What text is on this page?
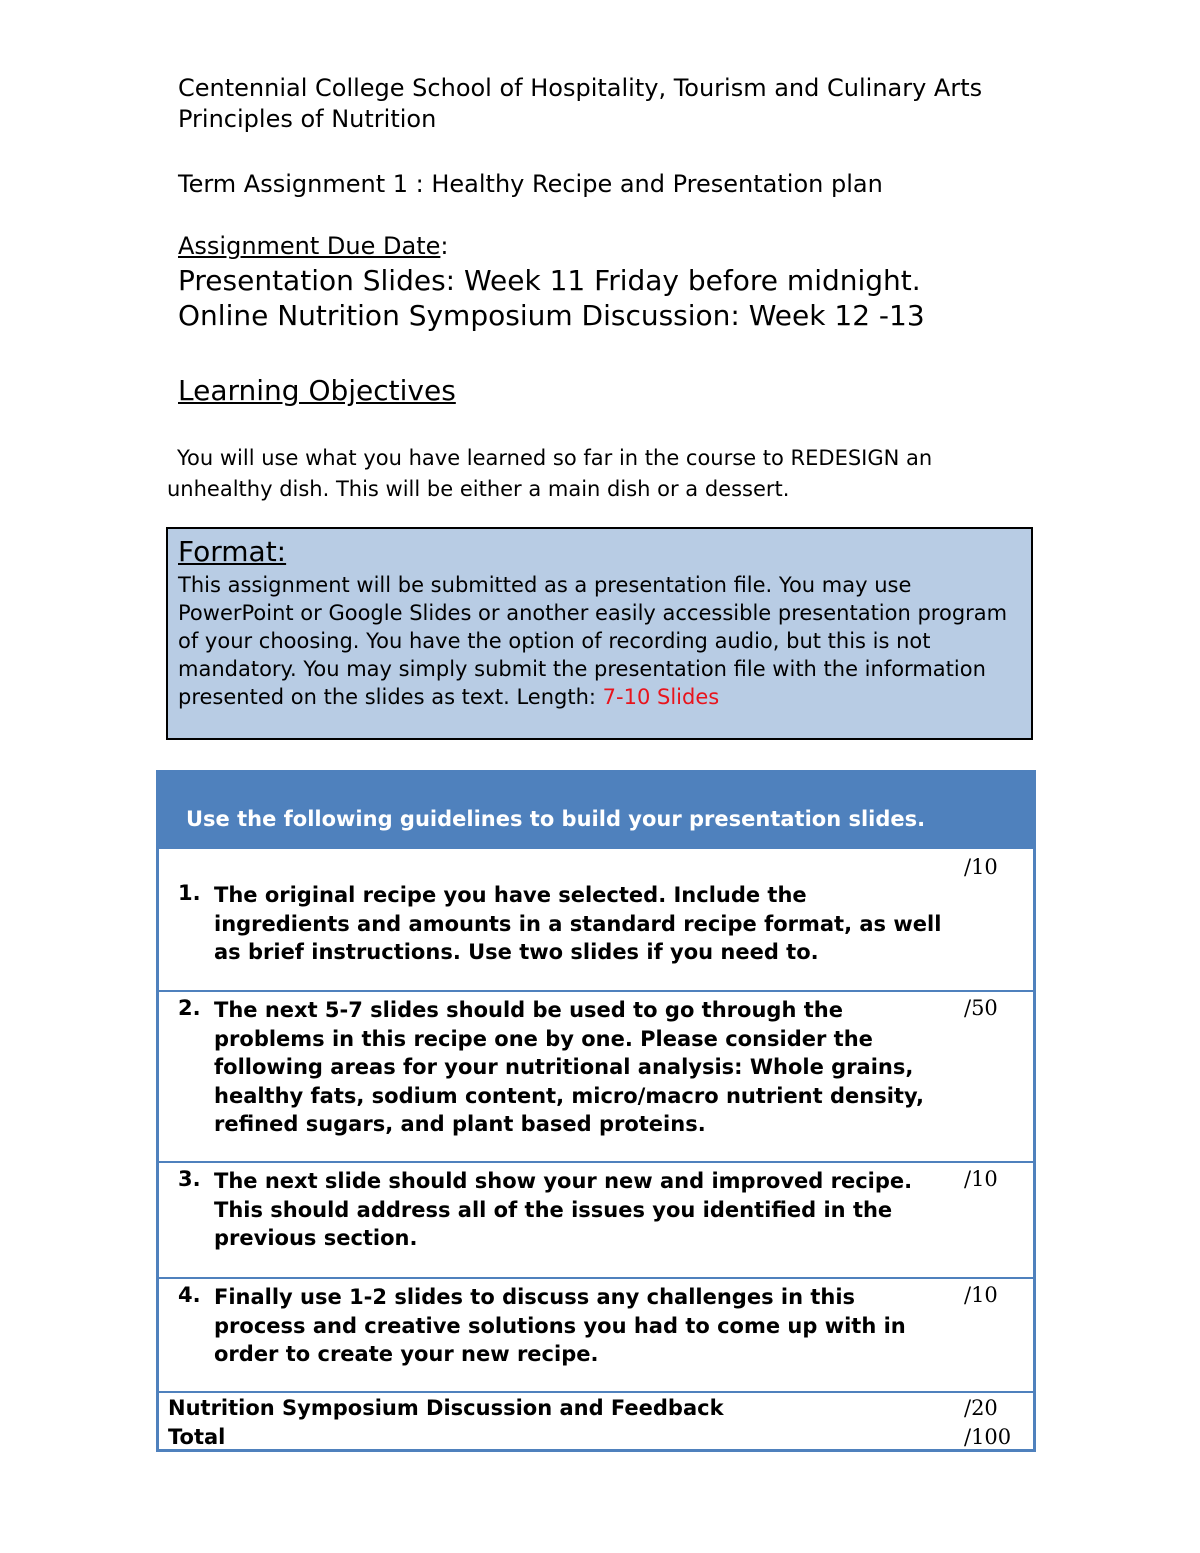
Centennial College School of Hospitality, Tourism and Culinary Arts
Principles of Nutrition
Term Assignment 1 : Healthy Recipe and Presentation plan
Assignment Due Date:
Presentation Slides: Week 11 Friday before midnight.
Online Nutrition Symposium Discussion: Week 12 -13
Learning Objectives
You will use what you have learned so far in the course to REDESIGN an
unhealthy dish. This will be either a main dish or a dessert.
Format:
This assignment will be submitted as a presentation file. You may use PowerPoint or Google Slides or another easily accessible presentation program of your choosing. You have the option of recording audio, but this is not mandatory. You may simply submit the presentation file with the information presented on the slides as text. Length: 7-10 Slides
Use the following guidelines to build your presentation slides.
1. The original recipe you have selected. Include the ingredients and amounts in a standard recipe format, as well as brief instructions. Use two slides if you need to.
/10
2. The next 5-7 slides should be used to go through the problems in this recipe one by one. Please consider the following areas for your nutritional analysis: Whole grains, healthy fats, sodium content, micro/macro nutrient density, refined sugars, and plant based proteins.
/50
3. The next slide should show your new and improved recipe. This should address all of the issues you identified in the previous section.
/10
4. Finally use 1-2 slides to discuss any challenges in this process and creative solutions you had to come up with in order to create your new recipe.
/10
Nutrition Symposium Discussion and Feedback	/20
Total	/100
